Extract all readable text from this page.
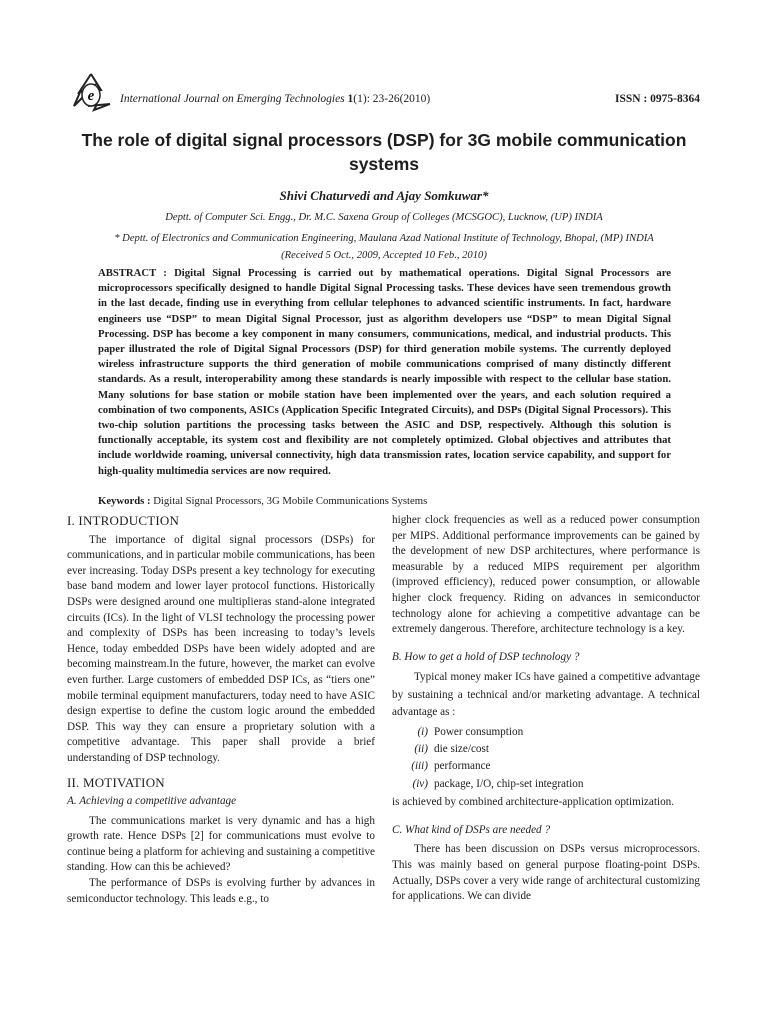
e International Journal on Emerging Technologies 1(1): 23-26(2010)	ISSN : 0975-8364
The role of digital signal processors (DSP) for 3G mobile communication systems
Shivi Chaturvedi and Ajay Somkuwar*
Deptt. of Computer Sci. Engg., Dr. M.C. Saxena Group of Colleges (MCSGOC), Lucknow, (UP) INDIA
* Deptt. of Electronics and Communication Engineering, Maulana Azad National Institute of Technology, Bhopal, (MP) INDIA
(Received 5 Oct., 2009, Accepted 10 Feb., 2010)

ABSTRACT : Digital Signal Processing is carried out by mathematical operations. Digital Signal Processors are microprocessors specifically designed to handle Digital Signal Processing tasks. These devices have seen tremendous growth in the last decade, finding use in everything from cellular telephones to advanced scientific instruments. In fact, hardware engineers use “DSP” to mean Digital Signal Processor, just as algorithm developers use “DSP” to mean Digital Signal Processing. DSP has become a key component in many consumers, communications, medical, and industrial products. This paper illustrated the role of Digital Signal Processors (DSP) for third generation mobile systems. The currently deployed wireless infrastructure supports the third generation of mobile communications comprised of many distinctly different standards. As a result, interoperability among these standards is nearly impossible with respect to the cellular base station. Many solutions for base station or mobile station have been implemented over the years, and each solution required a combination of two components, ASICs (Application Specific Integrated Circuits), and DSPs (Digital Signal Processors). This two-chip solution partitions the processing tasks between the ASIC and DSP, respectively. Although this solution is functionally acceptable, its system cost and flexibility are not completely optimized. Global objectives and attributes that include worldwide roaming, universal connectivity, high data transmission rates, location service capability, and support for high-quality multimedia services are now required.

Keywords : Digital Signal Processors, 3G Mobile Communications Systems
I. INTRODUCTION

The importance of digital signal processors (DSPs) for communications, and in particular mobile communications, has been ever increasing. Today DSPs present a key technology for executing base band modem and lower layer protocol functions. Historically DSPs were designed around one multiplieras stand-alone integrated circuits (ICs). In the light of VLSI technology the processing power and complexity of DSPs has been increasing to today’s levels Hence, today embedded DSPs have been widely adopted and are becoming mainstream.In the future, however, the market can evolve even further. Large customers of embedded DSP ICs, as “tiers one” mobile terminal equipment manufacturers, today need to have ASIC design expertise to define the custom logic around the embedded DSP. This way they can ensure a proprietary solution with a competitive advantage. This paper shall provide a brief understanding of DSP technology.

II. MOTIVATION
A. Achieving a competitive advantage

The communications market is very dynamic and has a high growth rate. Hence DSPs [2] for communications must evolve to continue being a platform for achieving and sustaining a competitive standing. How can this be achieved?

The performance of DSPs is evolving further by advances in semiconductor technology. This leads e.g., to

higher clock frequencies as well as a reduced power consumption per MIPS. Additional performance improvements can be gained by the development of new DSP architectures, where performance is measurable by a reduced MIPS requirement per algorithm (improved efficiency), reduced power consumption, or allowable higher clock frequency. Riding on advances in semiconductor technology alone for achieving a competitive advantage can be extremely dangerous. Therefore, architecture technology is a key.

B. How to get a hold of DSP technology ?

Typical money maker ICs have gained a competitive advantage by sustaining a technical and/or marketing advantage. A technical advantage as :

(i) Power consumption
(ii) die size/cost
(iii) performance
(iv) package, I/O, chip-set integration

is achieved by combined architecture-application optimization.

C. What kind of DSPs are needed ?

There has been discussion on DSPs versus microprocessors. This was mainly based on general purpose floating-point DSPs. Actually, DSPs cover a very wide range of architectural customizing for applications. We can divide
